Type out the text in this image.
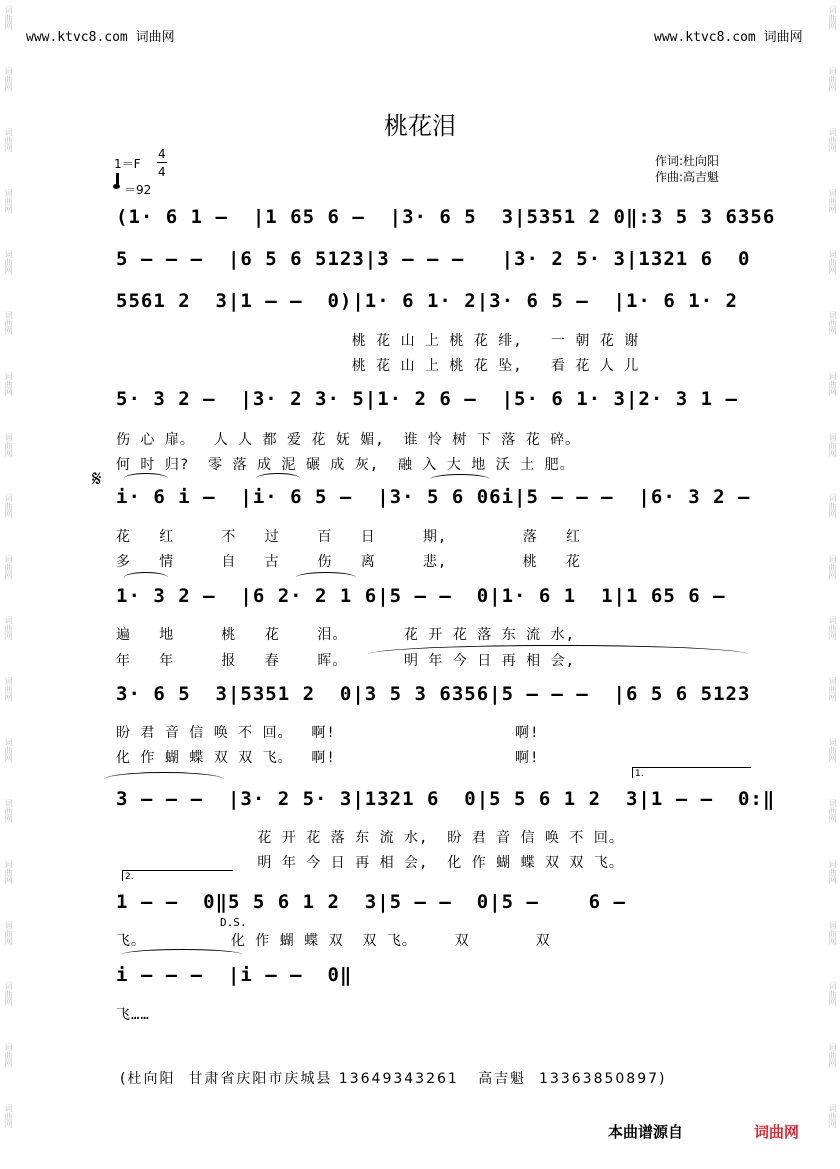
词曲网
词曲网
词曲网
词曲网
词曲网
词曲网
词曲网
词曲网
词曲网
词曲网
词曲网
词曲网
词曲网
词曲网
词曲网
词曲网
词曲网
词曲网
词曲网
词曲网
词曲网
词曲网
词曲网
词曲网
词曲网
词曲网
词曲网
词曲网
词曲网
词曲网
词曲网
词曲网
词曲网
词曲网
词曲网
词曲网
词曲网
词曲网
www.ktvc8.com 词曲网	www.ktvc8.com 词曲网
桃花泪
1＝F
4
4
＝92
作词:杜向阳
作曲:高吉魁
(1· 6 1 –  |1 65 6 –  |3· 6 5  3|5351 2 0‖:3 5 3 6356
5 – – –  |6 5 6 5123|3 – – –   |3· 2 5· 3|1321 6  0
5561 2  3|1 – –  0)|1· 6 1· 2|3· 6 5 –  |1· 6 1· 2
桃 花 山 上 桃 花 绯,   一 朝 花 谢
桃 花 山 上 桃 花 坠,   看 花 人 儿
5· 3 2 –  |3· 2 3· 5|1· 2 6 –  |5· 6 1· 3|2· 3 1 –
伤 心 扉。  人 人 都 爱 花 妩 媚,  谁 怜 树 下 落 花 碎。
何 时 归?  零 落 成 泥 碾 成 灰,  融 入 大 地 沃 土 肥。
𝄋
i· 6 i –  |i· 6 5 –  |3· 5 6 06i|5 – – –  |6· 3 2 –
花   红     不   过    百   日     期,        落   红
多   情     自   古    伤   离     悲,        桃   花
1· 3 2 –  |6 2· 2 1 6|5 – –  0|1· 6 1  1|1 65 6 –
遍   地     桃   花    泪。      花 开 花 落 东 流 水,
年   年     报   春    晖。      明 年 今 日 再 相 会,
3· 6 5  3|5351 2  0|3 5 3 6356|5 – – –  |6 5 6 5123
盼 君 音 信 唤 不 回。  啊!                   啊!
化 作 蝴 蝶 双 双 飞。  啊!                   啊!
1.
3 – – –  |3· 2 5· 3|1321 6  0|5 5 6 1 2  3|1 – –  0:‖
花 开 花 落 东 流 水,  盼 君 音 信 唤 不 回。
明 年 今 日 再 相 会,  化 作 蝴 蝶 双 双 飞。
2.
1 – –  0‖5 5 6 1 2  3|5 – –  0|5 –    6 –
D.S.
飞。         化 作 蝴 蝶 双  双 飞。    双       双
i – – –  |i – –  0‖
飞……
(杜向阳  甘肃省庆阳市庆城县 13649343261   高吉魁  13363850897)
本曲谱源自	词曲网
